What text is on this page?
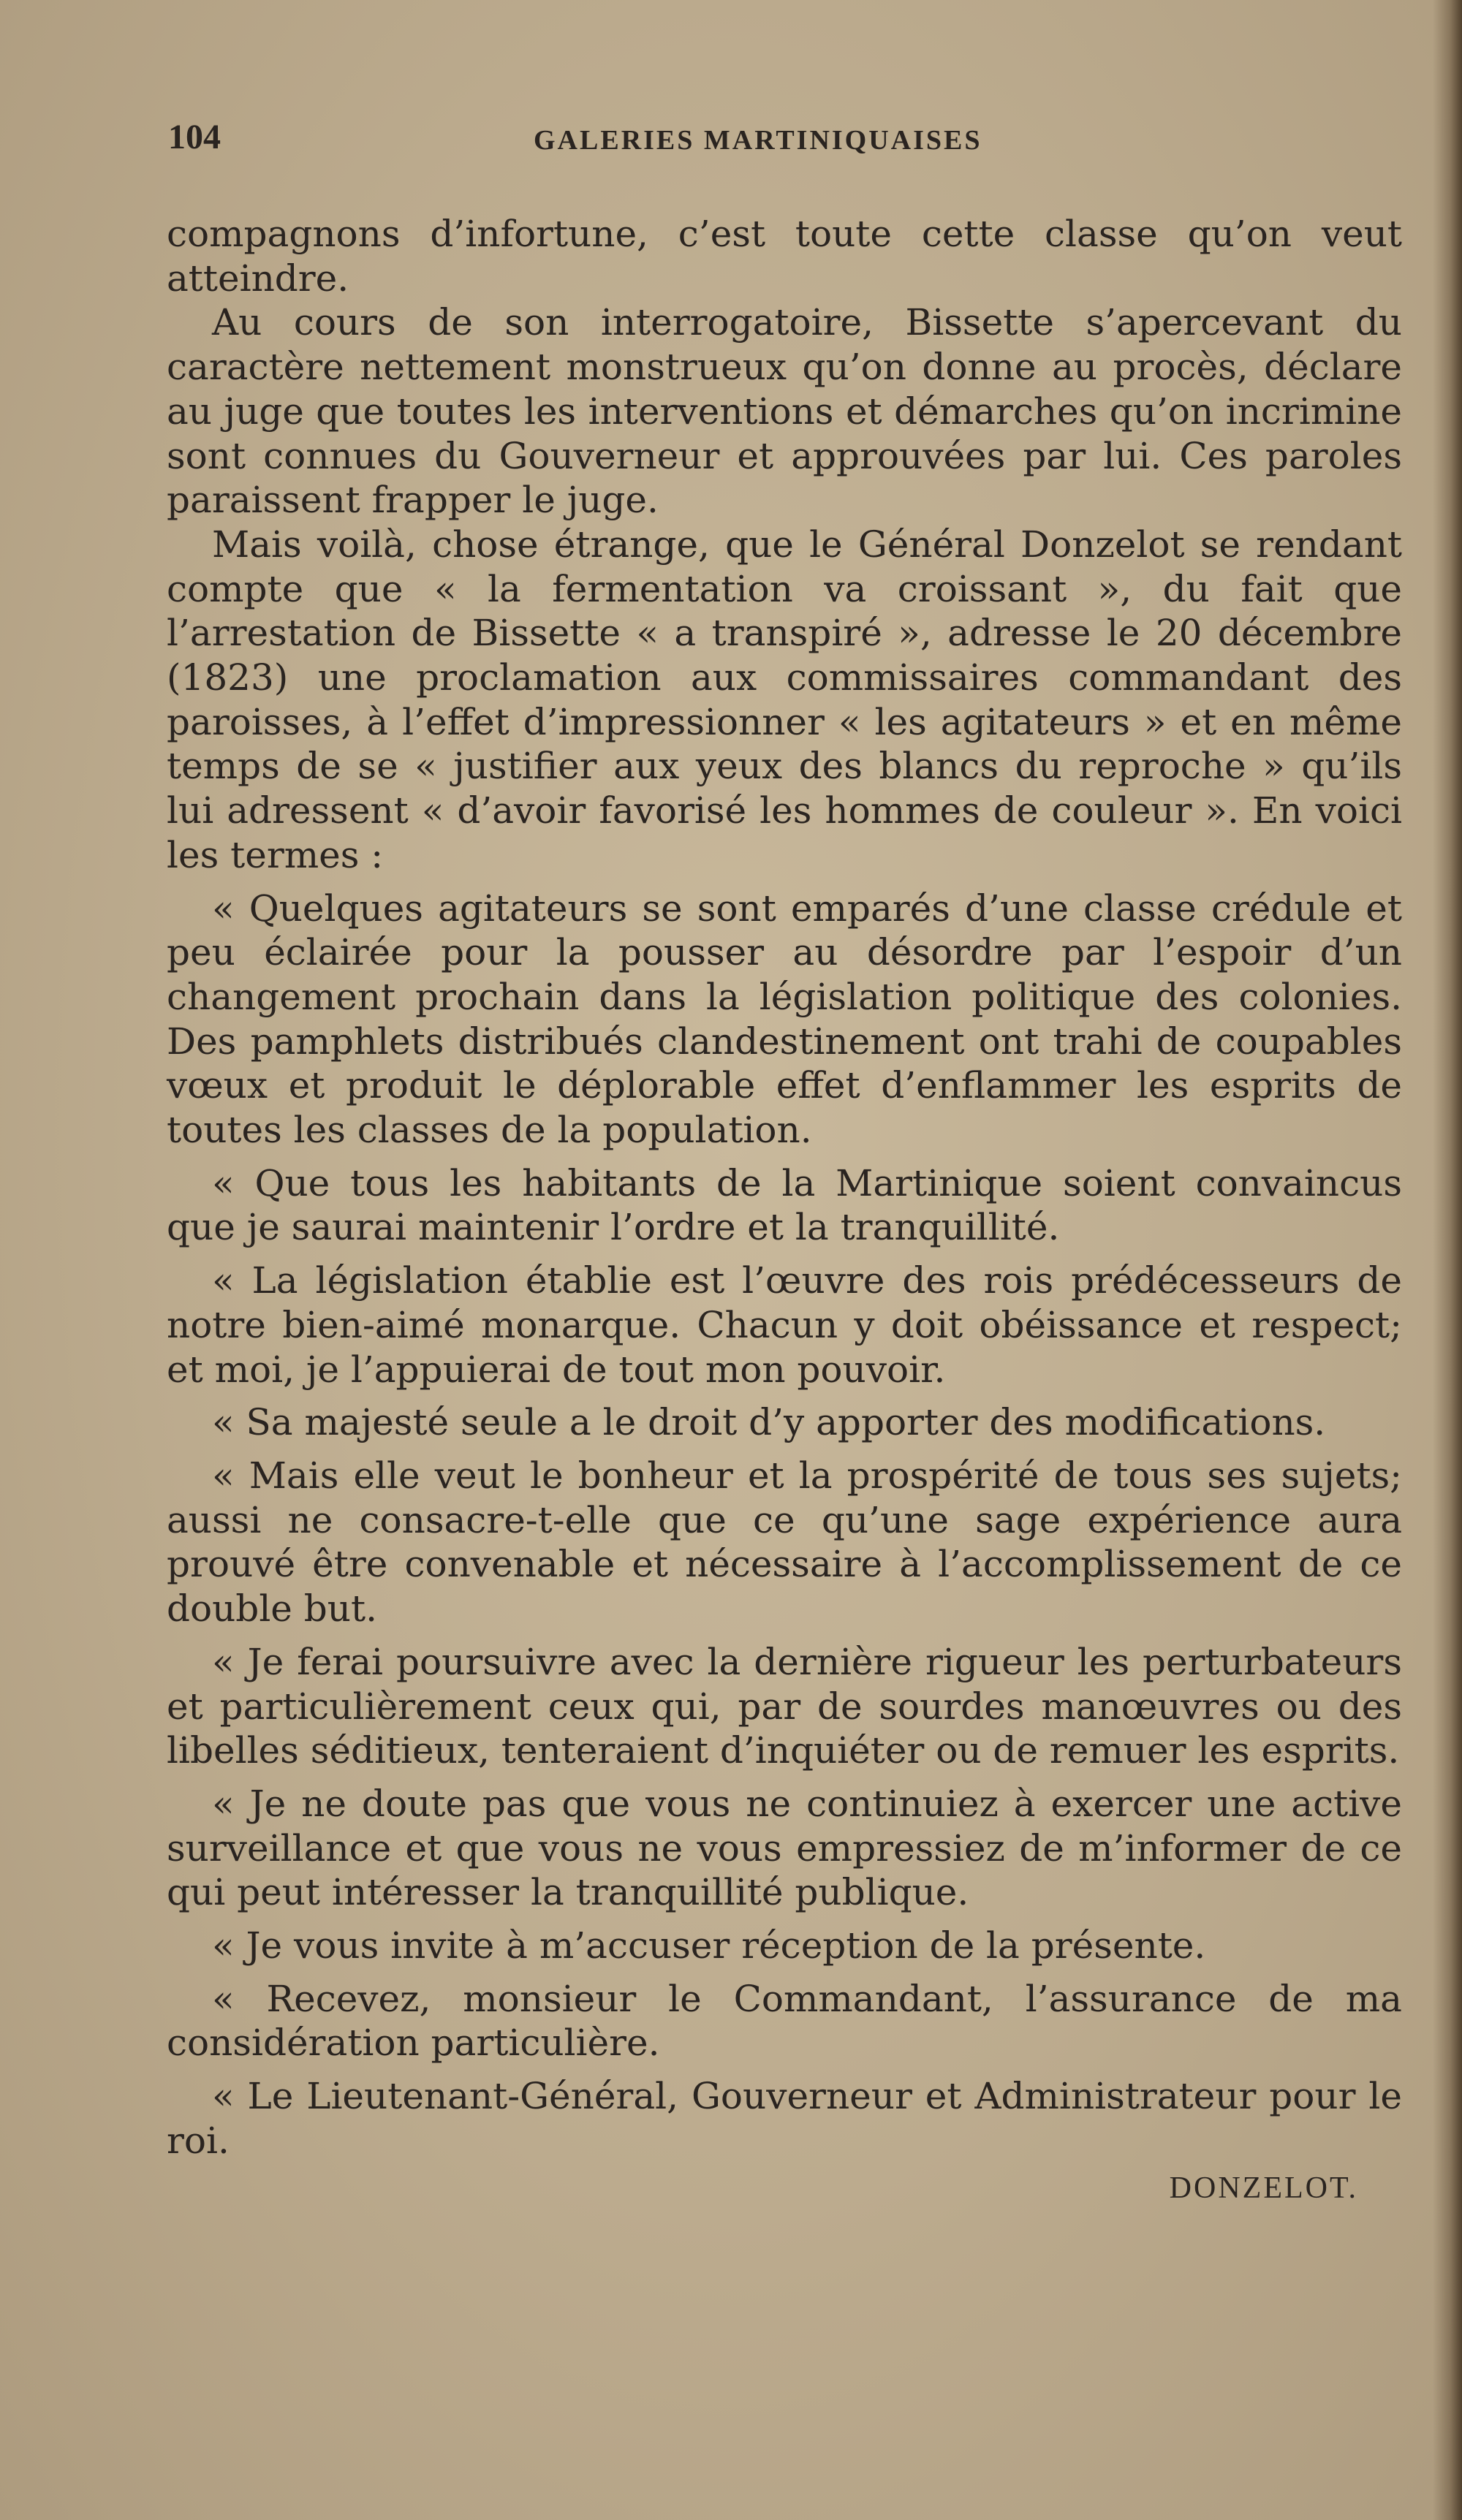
104	GALERIES MARTINIQUAISES

compagnons d’infortune, c’est toute cette classe qu’on veut atteindre.

Au cours de son interrogatoire, Bissette s’apercevant du caractère nettement monstrueux qu’on donne au procès, déclare au juge que toutes les interventions et démarches qu’on incrimine sont connues du Gouverneur et approuvées par lui. Ces paroles paraissent frapper le juge.

Mais voilà, chose étrange, que le Général Donzelot se rendant compte que « la fermentation va croissant », du fait que l’arrestation de Bissette « a transpiré », adresse le 20 décembre (1823) une proclamation aux commissaires commandant des paroisses, à l’effet d’impressionner « les agitateurs » et en même temps de se « justifier aux yeux des blancs du reproche » qu’ils lui adressent « d’avoir favorisé les hommes de couleur ». En voici les termes :

« Quelques agitateurs se sont emparés d’une classe crédule et peu éclairée pour la pousser au désordre par l’espoir d’un changement prochain dans la législation politique des colonies. Des pamphlets distribués clandestinement ont trahi de coupables vœux et produit le déplorable effet d’enflammer les esprits de toutes les classes de la population.

« Que tous les habitants de la Martinique soient convaincus que je saurai maintenir l’ordre et la tranquillité.

« La législation établie est l’œuvre des rois prédécesseurs de notre bien-aimé monarque. Chacun y doit obéissance et respect; et moi, je l’appuierai de tout mon pouvoir.

« Sa majesté seule a le droit d’y apporter des modifications.

« Mais elle veut le bonheur et la prospérité de tous ses sujets; aussi ne consacre-t-elle que ce qu’une sage expérience aura prouvé être convenable et nécessaire à l’accomplissement de ce double but.

« Je ferai poursuivre avec la dernière rigueur les perturbateurs et particulièrement ceux qui, par de sourdes manœuvres ou des libelles séditieux, tenteraient d’inquiéter ou de remuer les esprits.

« Je ne doute pas que vous ne continuiez à exercer une active surveillance et que vous ne vous empressiez de m’informer de ce qui peut intéresser la tranquillité publique.

« Je vous invite à m’accuser réception de la présente.

« Recevez, monsieur le Commandant, l’assurance de ma considération particulière.

« Le Lieutenant-Général, Gouverneur et Administrateur pour le roi.

DONZELOT.
